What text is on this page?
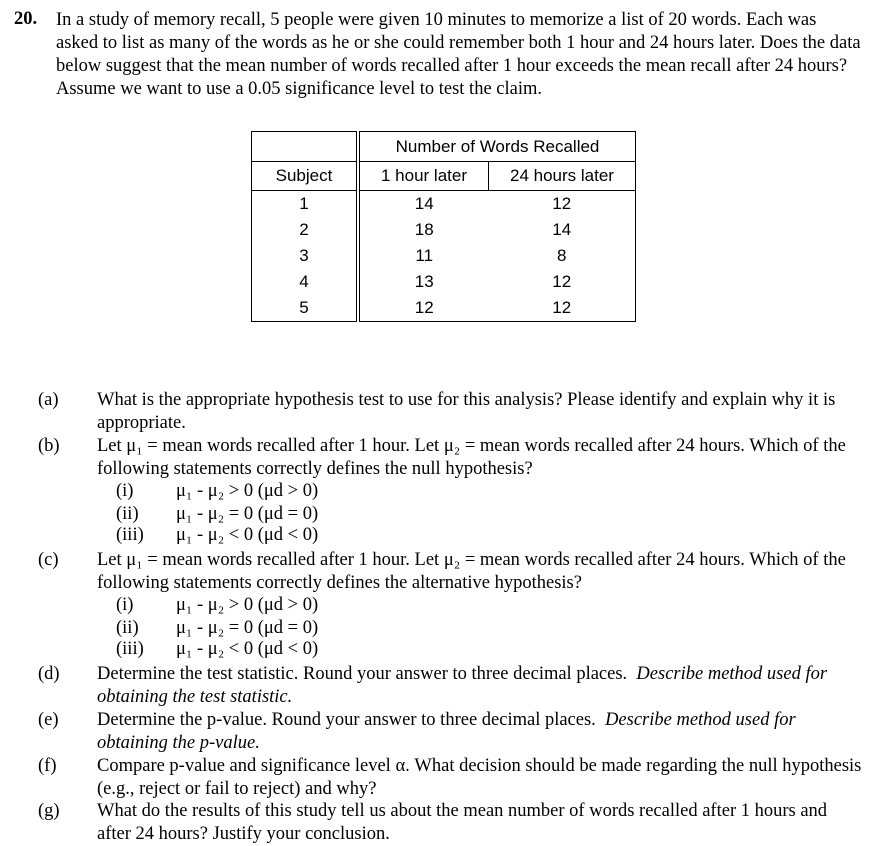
20. In a study of memory recall, 5 people were given 10 minutes to memorize a list of 20 words. Each was asked to list as many of the words as he or she could remember both 1 hour and 24 hours later. Does the data below suggest that the mean number of words recalled after 1 hour exceeds the mean recall after 24 hours? Assume we want to use a 0.05 significance level to test the claim.
	Number of Words Recalled	
Subject	1 hour later	24 hours later
1	14	12
2	18	14
3	11	8
4	13	12
5	12	12
(a) What is the appropriate hypothesis test to use for this analysis? Please identify and explain why it is appropriate.
(b) Let μ₁ = mean words recalled after 1 hour. Let μ₂ = mean words recalled after 24 hours. Which of the following statements correctly defines the null hypothesis?
(i) μ₁ - μ₂ > 0 (μd > 0)
(ii) μ₁ - μ₂ = 0 (μd = 0)
(iii) μ₁ - μ₂ < 0 (μd < 0)
(c) Let μ₁ = mean words recalled after 1 hour. Let μ₂ = mean words recalled after 24 hours. Which of the following statements correctly defines the alternative hypothesis?
(i) μ₁ - μ₂ > 0 (μd > 0)
(ii) μ₁ - μ₂ = 0 (μd = 0)
(iii) μ₁ - μ₂ < 0 (μd < 0)
(d) Determine the test statistic. Round your answer to three decimal places. Describe method used for obtaining the test statistic.
(e) Determine the p-value. Round your answer to three decimal places. Describe method used for obtaining the p-value.
(f) Compare p-value and significance level α. What decision should be made regarding the null hypothesis (e.g., reject or fail to reject) and why?
(g) What do the results of this study tell us about the mean number of words recalled after 1 hours and after 24 hours? Justify your conclusion.
